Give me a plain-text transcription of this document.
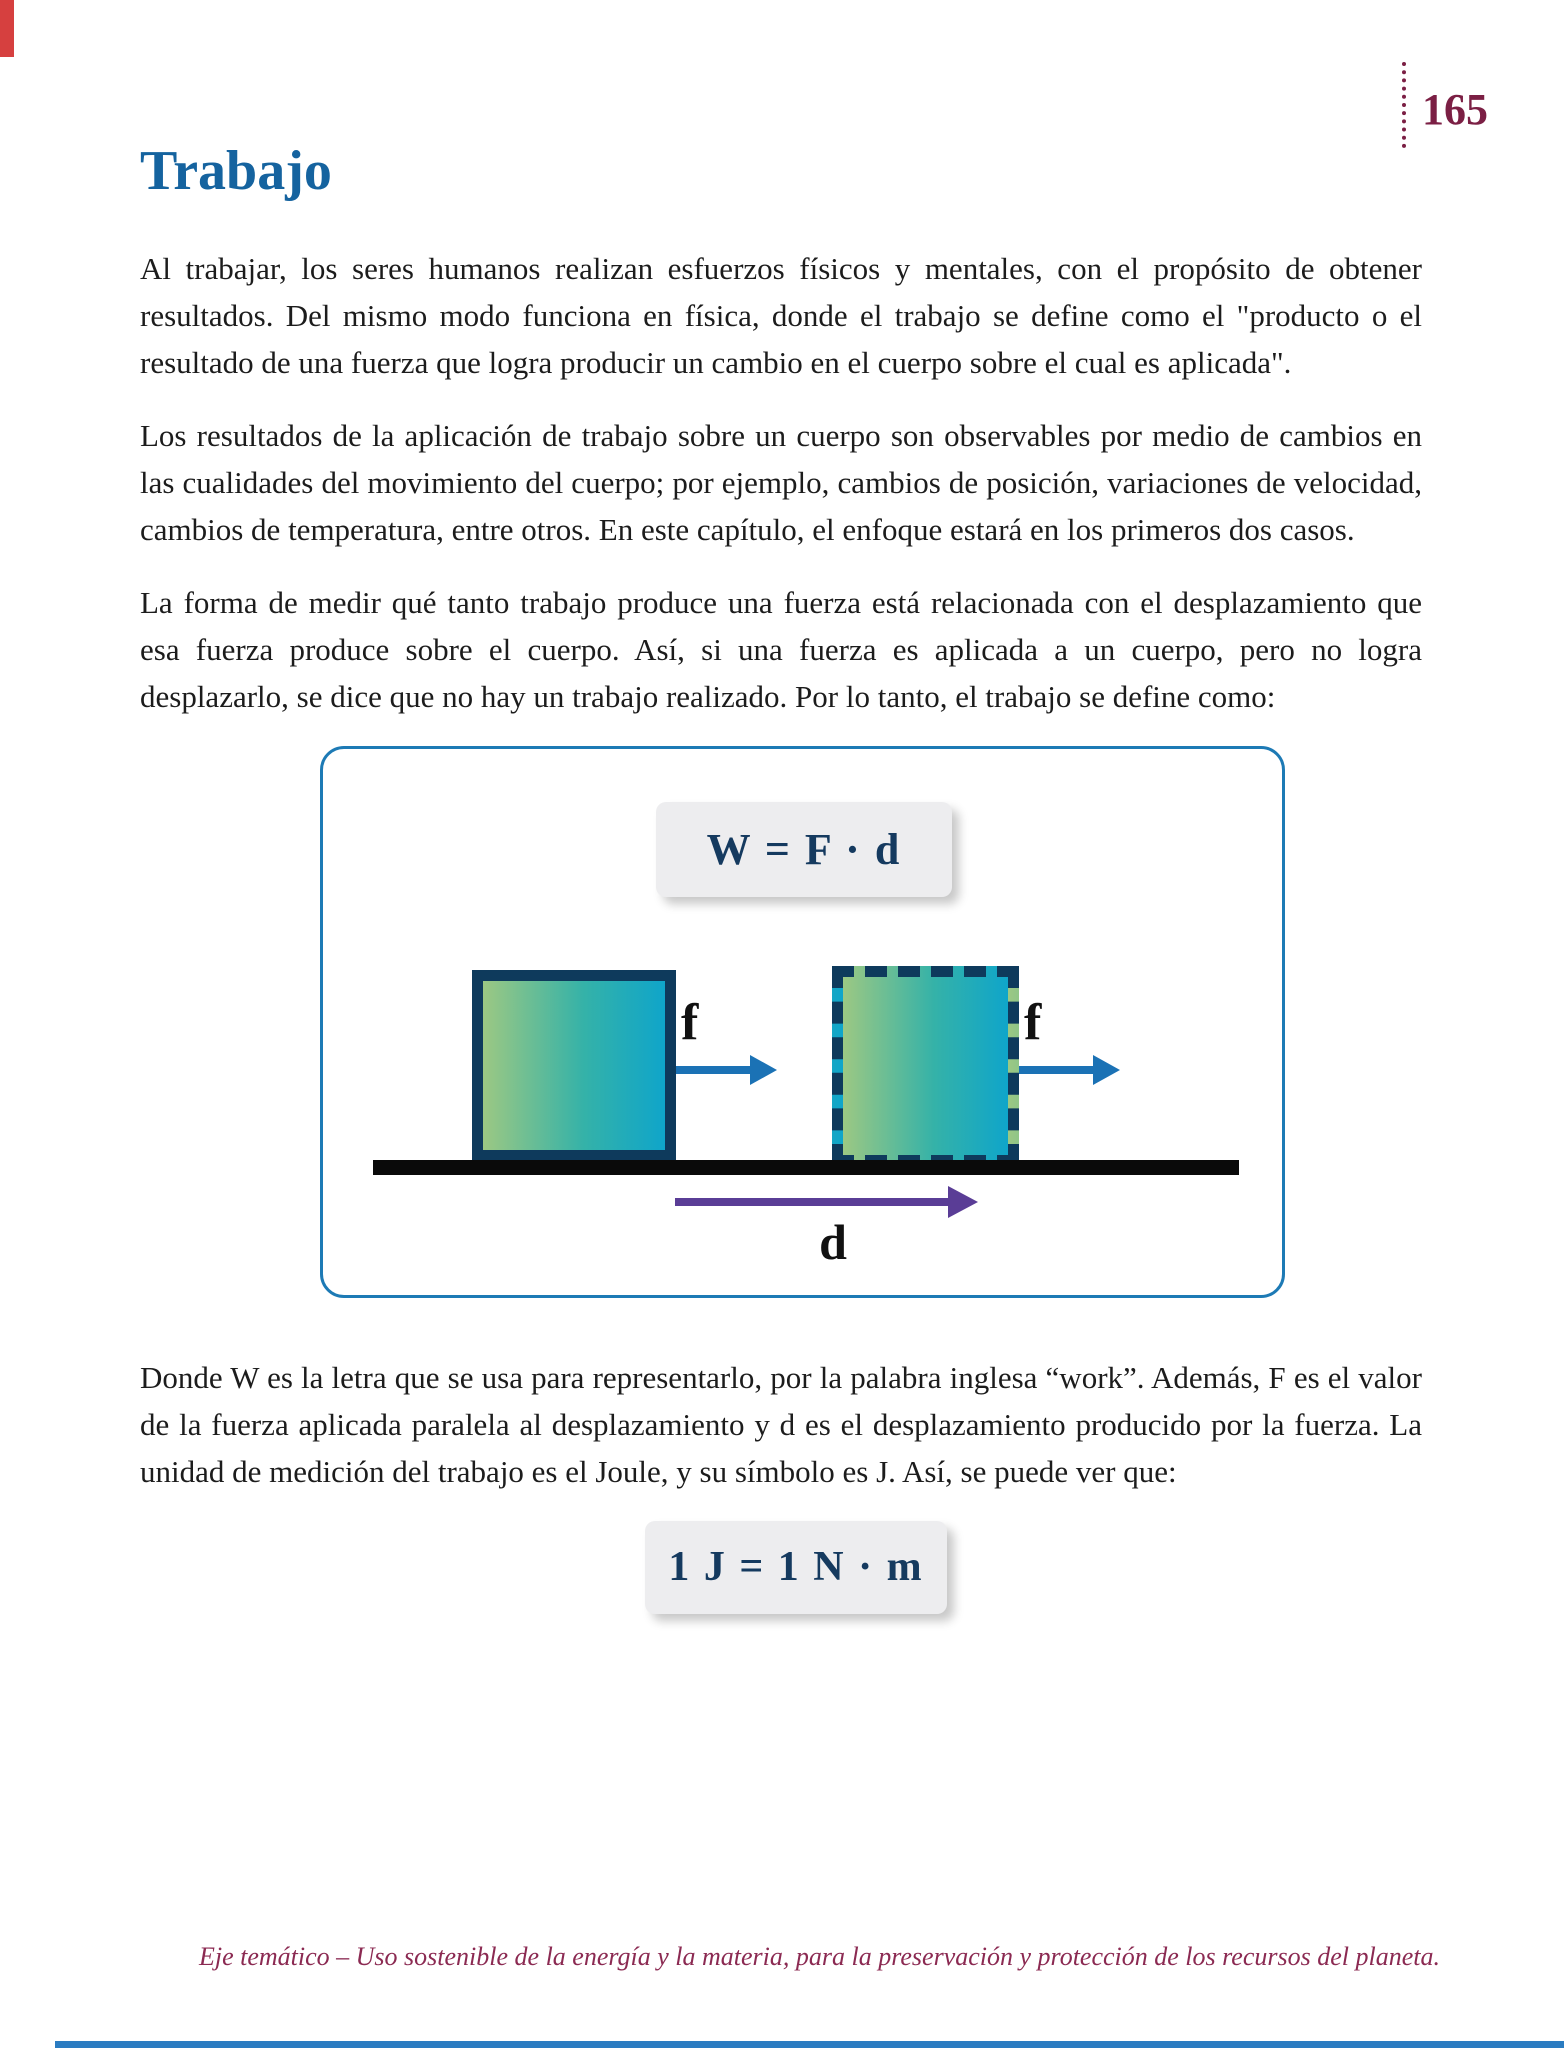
165
Trabajo

Al trabajar, los seres humanos realizan esfuerzos físicos y mentales, con el propósito de obtener resultados. Del mismo modo funciona en física, donde el trabajo se define como el "producto o el resultado de una fuerza que logra producir un cambio en el cuerpo sobre el cual es aplicada".

Los resultados de la aplicación de trabajo sobre un cuerpo son observables por medio de cambios en las cualidades del movimiento del cuerpo; por ejemplo, cambios de posición, variaciones de velocidad, cambios de temperatura, entre otros. En este capítulo, el enfoque estará en los primeros dos casos.

La forma de medir qué tanto trabajo produce una fuerza está relacionada con el desplazamiento que esa fuerza produce sobre el cuerpo. Así, si una fuerza es aplicada a un cuerpo, pero no logra desplazarlo, se dice que no hay un trabajo realizado. Por lo tanto, el trabajo se define como:

W = F · d
f	f
d

Donde W es la letra que se usa para representarlo, por la palabra inglesa “work”. Además, F es el valor de la fuerza aplicada paralela al desplazamiento y d es el desplazamiento producido por la fuerza. La unidad de medición del trabajo es el Joule, y su símbolo es J. Así, se puede ver que:

1 J = 1 N · m
Eje temático – Uso sostenible de la energía y la materia, para la preservación y protección de los recursos del planeta.
